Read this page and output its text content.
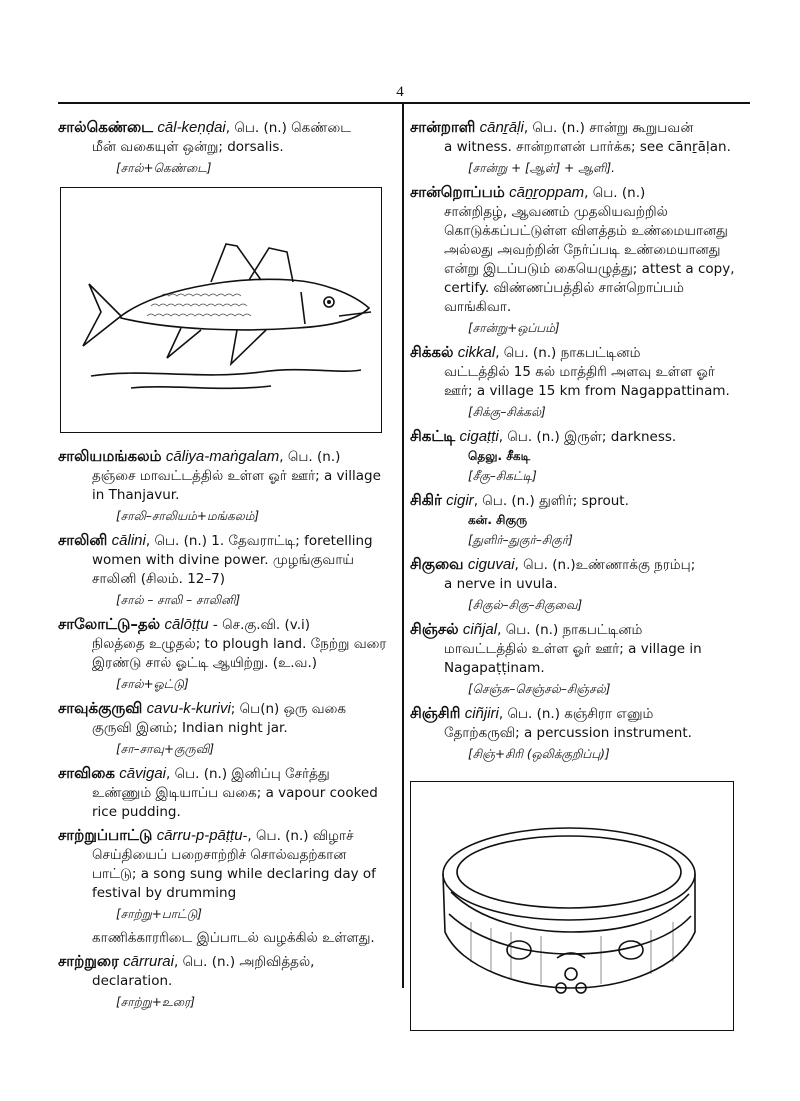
4
சால்கெண்டை cāl-keṇḍai, பெ. (n.) கெண்டை
மீன் வகையுள் ஒன்று; dorsalis.
[சால்+கெண்டை]
சாலியமங்கலம் cāliya-maṅgalam, பெ. (n.)
தஞ்சை மாவட்டத்தில் உள்ள ஓர் ஊர்; a village in Thanjavur.
[சாலி–சாலியம்+மங்கலம்]
சாலினி cālini, பெ. (n.) 1. தேவராட்டி; foretelling
women with divine power. முழங்குவாய் சாலினி (சிலம். 12–7)
[சால் – சாலி – சாலினி]
சாலோட்டு–தல் cālōṭṭu - செ.கு.வி. (v.i)
நிலத்தை உழுதல்; to plough land. நேற்று வரை இரண்டு சால் ஓட்டி ஆயிற்று. (உ.வ.)
[சால்+ஓட்டு]
சாவுக்குருவி cavu-k-kurivi; பெ(n) ஒரு வகை
குருவி இனம்; Indian night jar.
[சா–சாவு+குருவி]
சாவிகை cāvigai, பெ. (n.) இனிப்பு சேர்த்து
உண்ணும் இடியாப்ப வகை; a vapour cooked rice pudding.
சாற்றுப்பாட்டு cārru-p-pāṭṭu-, பெ. (n.) விழாச்
செய்தியைப் பறைசாற்றிச் சொல்வதற்கான பாட்டு; a song sung while declaring day of festival by drumming
[சாற்று+பாட்டு]
காணிக்காரரிடை இப்பாடல் வழக்கில் உள்ளது.
சாற்றுரை cārrurai, பெ. (n.) அறிவித்தல்,
declaration.
[சாற்று+உரை]
சான்றாளி cānṟāḷi, பெ. (n.) சான்று கூறுபவன்
a witness. சான்றாளன் பார்க்க; see cānṟāḷan.
[சான்று + [ஆள்] + ஆளி].
சான்றொப்பம் cāṉṟoppam, பெ. (n.)
சான்றிதழ், ஆவணம் முதலியவற்றில் கொடுக்கப்பட்டுள்ள விளத்தம் உண்மையானது அல்லது அவற்றின் நேர்ப்படி உண்மையானது என்று இடப்படும் கையெழுத்து; attest a copy, certify. விண்ணப்பத்தில் சான்றொப்பம் வாங்கிவா.
[சான்று+ஒப்பம்]
சிக்கல் cikkal, பெ. (n.) நாகபட்டினம்
வட்டத்தில் 15 கல் மாத்திரி அளவு உள்ள ஓர் ஊர்; a village 15 km from Nagappattinam.
[சிக்கு–சிக்கல்]
சிகட்டி cigaṭṭi, பெ. (n.) இருள்; darkness.
தெலு. சீகடி
[சீகு–சிகட்டி]
சிகிர் cigir, பெ. (n.) துளிர்; sprout.
கன். சிகுரு
[துளிர்–துகுர்–சிகுர்]
சிகுவை ciguvai, பெ. (n.)உண்ணாக்கு நரம்பு;
a nerve in uvula.
[சிகுல்–சிகு–சிகுவை]
சிஞ்சல் ciñjal, பெ. (n.) நாகபட்டினம்
மாவட்டத்தில் உள்ள ஓர் ஊர்; a village in Nagapaṭṭinam.
[செஞ்சு–செஞ்சல்–சிஞ்சல்]
சிஞ்சிரி ciñjiri, பெ. (n.) கஞ்சிரா எனும்
தோற்கருவி; a percussion instrument.
[சிஞ்+சிரி (ஒலிக்குறிப்பு)]
